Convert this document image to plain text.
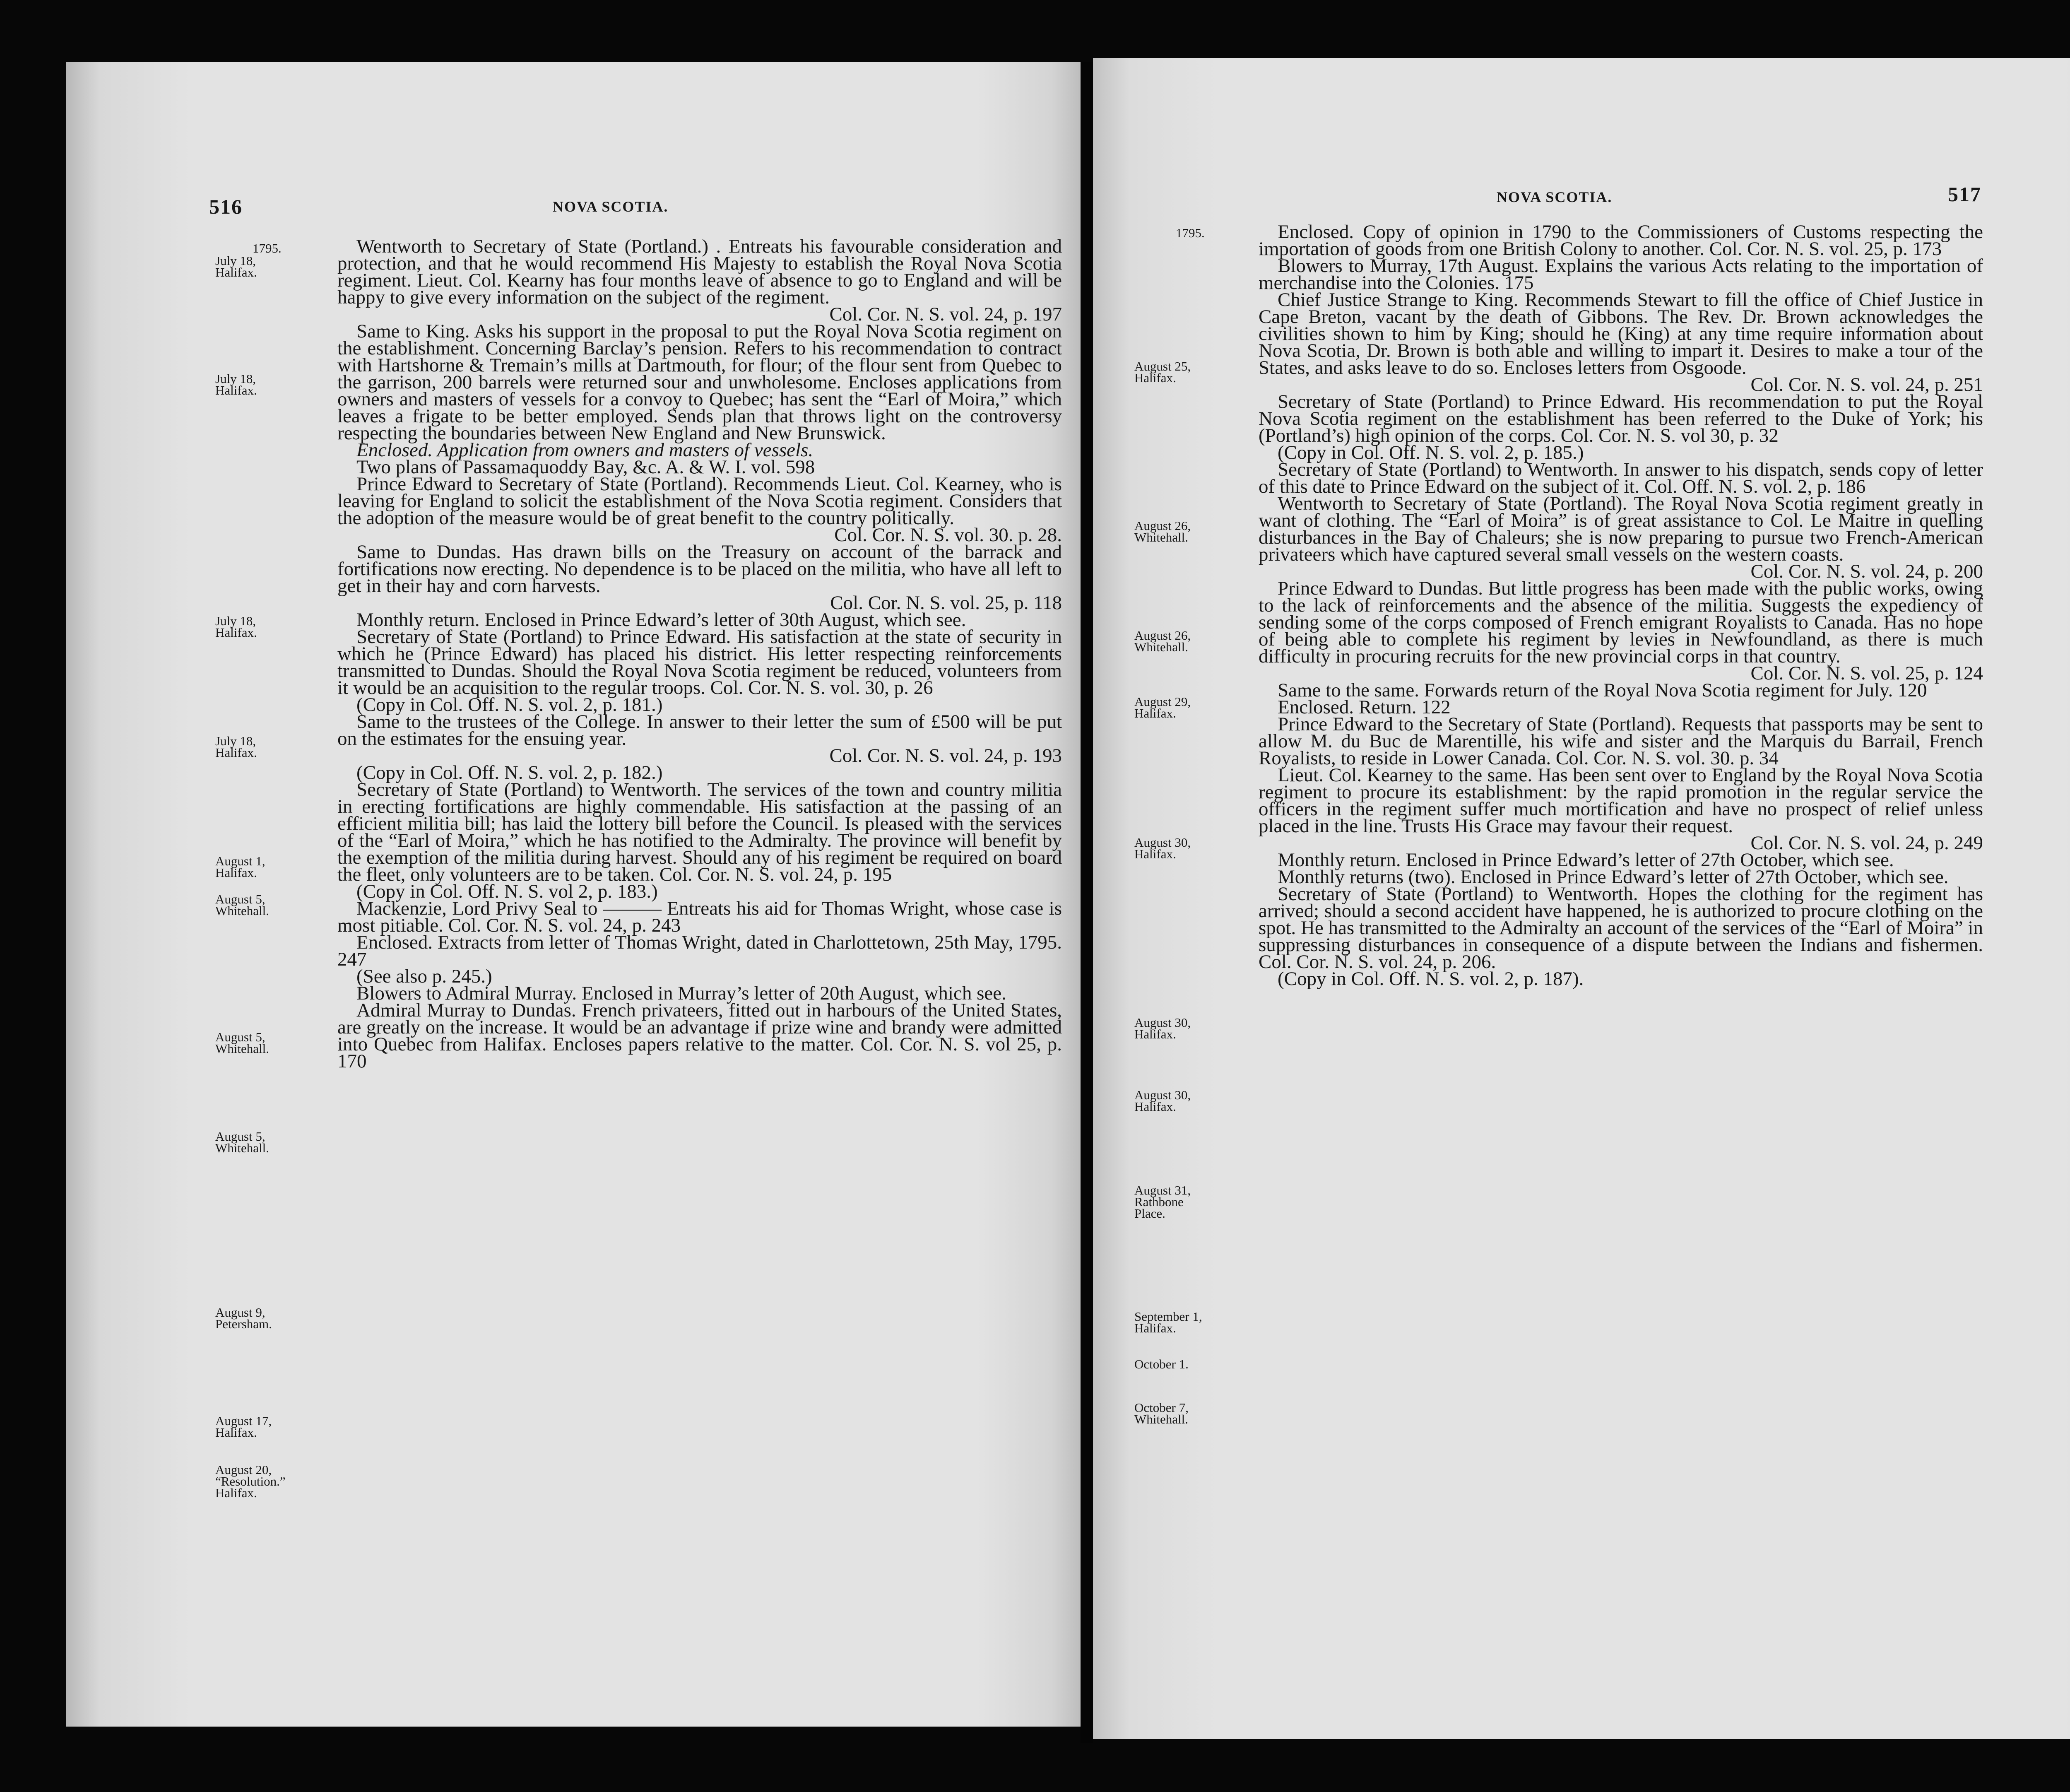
516	NOVA SCOTIA.
1795.
July 18,
Halifax.
July 18,
Halifax.
July 18,
Halifax.
July 18,
Halifax.
August 1,
Halifax.
August 5,
Whitehall.
August 5,
Whitehall.
August 5,
Whitehall.
August 9,
Petersham.
August 17,
Halifax.
August 20,
“Resolution.”
Halifax.

Wentworth to Secretary of State (Portland.) . Entreats his favourable consideration and protection, and that he would recommend His Majesty to establish the Royal Nova Scotia regiment. Lieut. Col. Kearny has four months leave of absence to go to England and will be happy to give every information on the subject of the regiment.

Col. Cor. N. S. vol. 24, p. 197

Same to King. Asks his support in the proposal to put the Royal Nova Scotia regiment on the establishment. Concerning Barclay’s pension. Refers to his recommendation to contract with Hartshorne & Tremain’s mills at Dartmouth, for flour; of the flour sent from Quebec to the garrison, 200 barrels were returned sour and unwholesome. Encloses applications from owners and masters of vessels for a convoy to Quebec; has sent the “Earl of Moira,” which leaves a frigate to be better employed. Sends plan that throws light on the controversy respecting the boundaries between New England and New Brunswick.

Enclosed. Application from owners and masters of vessels.

Two plans of Passamaquoddy Bay, &c. A. & W. I. vol. 598

Prince Edward to Secretary of State (Portland). Recommends Lieut. Col. Kearney, who is leaving for England to solicit the establishment of the Nova Scotia regiment. Considers that the adoption of the measure would be of great benefit to the country politically.

Col. Cor. N. S. vol. 30. p. 28.

Same to Dundas. Has drawn bills on the Treasury on account of the barrack and fortifications now erecting. No dependence is to be placed on the militia, who have all left to get in their hay and corn harvests.

Col. Cor. N. S. vol. 25, p. 118

Monthly return. Enclosed in Prince Edward’s letter of 30th August, which see.

Secretary of State (Portland) to Prince Edward. His satisfaction at the state of security in which he (Prince Edward) has placed his district. His letter respecting reinforcements transmitted to Dundas. Should the Royal Nova Scotia regiment be reduced, volunteers from it would be an acquisition to the regular troops. Col. Cor. N. S. vol. 30, p. 26

(Copy in Col. Off. N. S. vol. 2, p. 181.)

Same to the trustees of the College. In answer to their letter the sum of £500 will be put on the estimates for the ensuing year.

Col. Cor. N. S. vol. 24, p. 193

(Copy in Col. Off. N. S. vol. 2, p. 182.)

Secretary of State (Portland) to Wentworth. The services of the town and country militia in erecting fortifications are highly commendable. His satisfaction at the passing of an efficient militia bill; has laid the lottery bill before the Council. Is pleased with the services of the “Earl of Moira,” which he has notified to the Admiralty. The province will benefit by the exemption of the militia during harvest. Should any of his regiment be required on board the fleet, only volunteers are to be taken. Col. Cor. N. S. vol. 24, p. 195

(Copy in Col. Off. N. S. vol 2, p. 183.)

Mackenzie, Lord Privy Seal to ——— Entreats his aid for Thomas Wright, whose case is most pitiable. Col. Cor. N. S. vol. 24, p. 243

Enclosed. Extracts from letter of Thomas Wright, dated in Charlottetown, 25th May, 1795. 247

(See also p. 245.)

Blowers to Admiral Murray. Enclosed in Murray’s letter of 20th August, which see.

Admiral Murray to Dundas. French privateers, fitted out in harbours of the United States, are greatly on the increase. It would be an advantage if prize wine and brandy were admitted into Quebec from Halifax. Encloses papers relative to the matter. Col. Cor. N. S. vol 25, p. 170

NOVA SCOTIA.	517
1795.
August 25,
Halifax.
August 26,
Whitehall.
August 26,
Whitehall.
August 29,
Halifax.
August 30,
Halifax.
August 30,
Halifax.
August 30,
Halifax.
August 31,
Rathbone
Place.
September 1,
Halifax.
October 1.
October 7,
Whitehall.

Enclosed. Copy of opinion in 1790 to the Commissioners of Customs respecting the importation of goods from one British Colony to another. Col. Cor. N. S. vol. 25, p. 173

Blowers to Murray, 17th August. Explains the various Acts relating to the importation of merchandise into the Colonies. 175

Chief Justice Strange to King. Recommends Stewart to fill the office of Chief Justice in Cape Breton, vacant by the death of Gibbons. The Rev. Dr. Brown acknowledges the civilities shown to him by King; should he (King) at any time require information about Nova Scotia, Dr. Brown is both able and willing to impart it. Desires to make a tour of the States, and asks leave to do so. Encloses letters from Osgoode.

Col. Cor. N. S. vol. 24, p. 251

Secretary of State (Portland) to Prince Edward. His recommendation to put the Royal Nova Scotia regiment on the establishment has been referred to the Duke of York; his (Portland’s) high opinion of the corps. Col. Cor. N. S. vol 30, p. 32

(Copy in Col. Off. N. S. vol. 2, p. 185.)

Secretary of State (Portland) to Wentworth. In answer to his dispatch, sends copy of letter of this date to Prince Edward on the subject of it. Col. Off. N. S. vol. 2, p. 186

Wentworth to Secretary of State (Portland). The Royal Nova Scotia regiment greatly in want of clothing. The “Earl of Moira” is of great assistance to Col. Le Maitre in quelling disturbances in the Bay of Chaleurs; she is now preparing to pursue two French-American privateers which have captured several small vessels on the western coasts.

Col. Cor. N. S. vol. 24, p. 200

Prince Edward to Dundas. But little progress has been made with the public works, owing to the lack of reinforcements and the absence of the militia. Suggests the expediency of sending some of the corps composed of French emigrant Royalists to Canada. Has no hope of being able to complete his regiment by levies in Newfoundland, as there is much difficulty in procuring recruits for the new provincial corps in that country.

Col. Cor. N. S. vol. 25, p. 124

Same to the same. Forwards return of the Royal Nova Scotia regiment for July. 120

Enclosed. Return. 122

Prince Edward to the Secretary of State (Portland). Requests that passports may be sent to allow M. du Buc de Marentille, his wife and sister and the Marquis du Barrail, French Royalists, to reside in Lower Canada. Col. Cor. N. S. vol. 30. p. 34

Lieut. Col. Kearney to the same. Has been sent over to England by the Royal Nova Scotia regiment to procure its establishment: by the rapid promotion in the regular service the officers in the regiment suffer much mortification and have no prospect of relief unless placed in the line. Trusts His Grace may favour their request.

Col. Cor. N. S. vol. 24, p. 249

Monthly return. Enclosed in Prince Edward’s letter of 27th October, which see.

Monthly returns (two). Enclosed in Prince Edward’s letter of 27th October, which see.

Secretary of State (Portland) to Wentworth. Hopes the clothing for the regiment has arrived; should a second accident have happened, he is authorized to procure clothing on the spot. He has transmitted to the Admiralty an account of the services of the “Earl of Moira” in suppressing disturbances in consequence of a dispute between the Indians and fishermen. Col. Cor. N. S. vol. 24, p. 206.

(Copy in Col. Off. N. S. vol. 2, p. 187).
